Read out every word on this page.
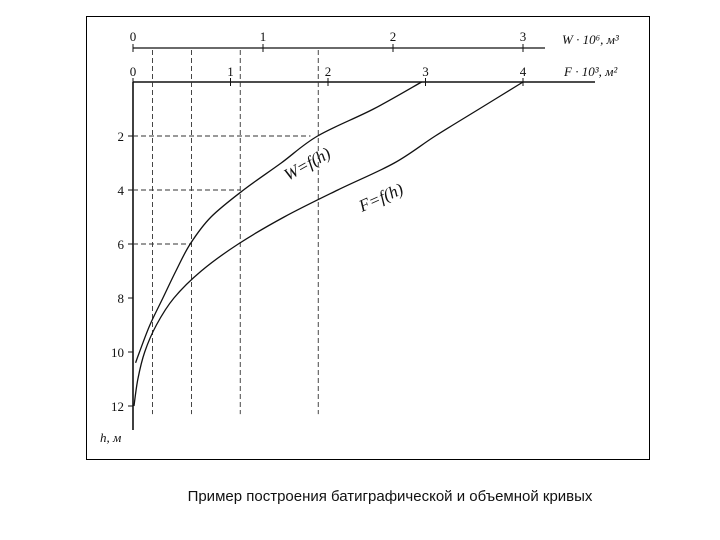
W · 10⁶, м³
F · 10³, м²
h, м
W=f(h)
F=f(h)
0	1	2	3
0	1	2	3	4
2
4
6
8
10
12
Пример построения батиграфической и объемной кривых
